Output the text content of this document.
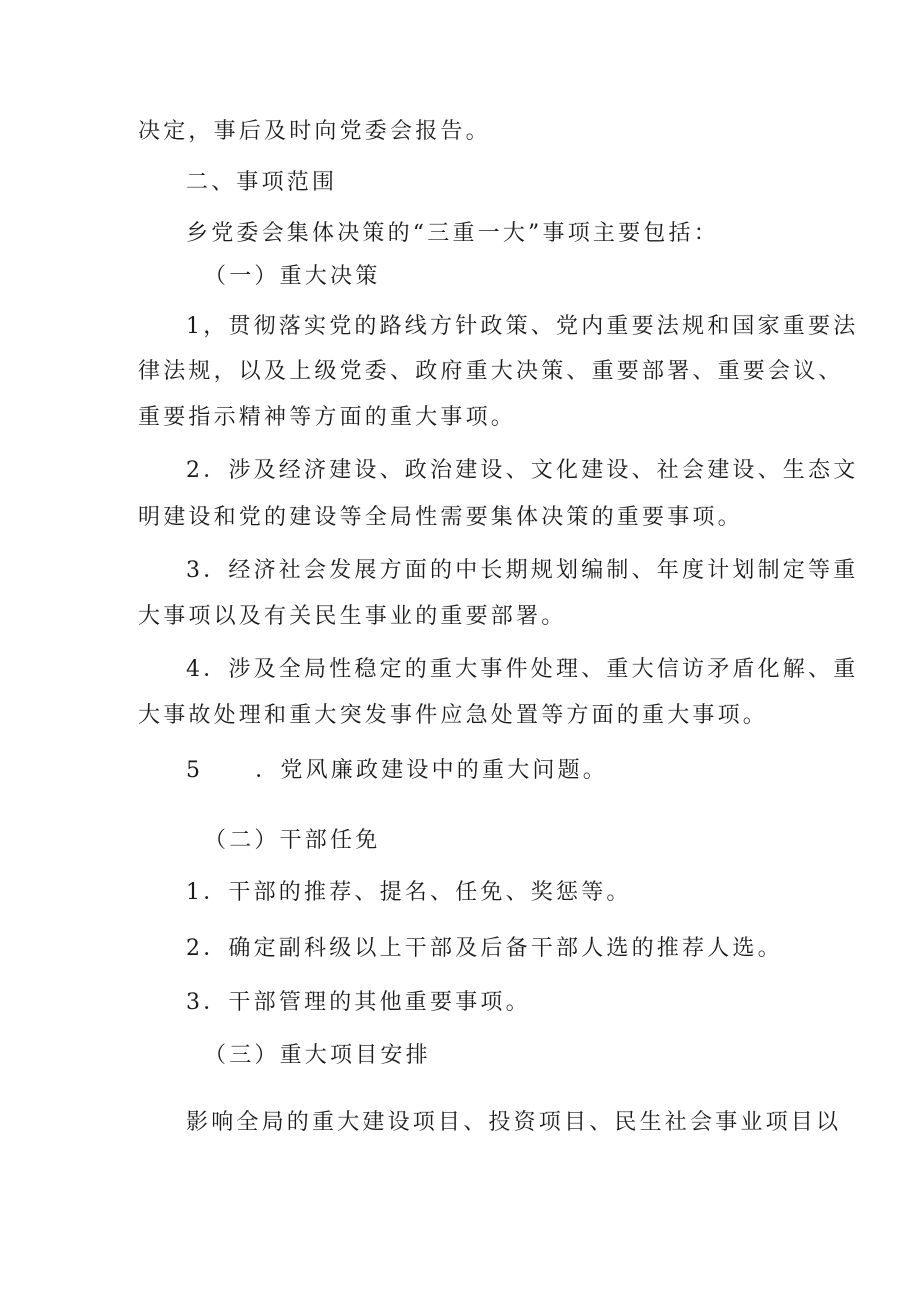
决定，事后及时向党委会报告。
二、事项范围
乡党委会集体决策的“三重一大”事项主要包括：
（一）重大决策
1，贯彻落实党的路线方针政策、党内重要法规和国家重要法
律法规，以及上级党委、政府重大决策、重要部署、重要会议、
重要指示精神等方面的重大事项。
2．涉及经济建设、政治建设、文化建设、社会建设、生态文
明建设和党的建设等全局性需要集体决策的重要事项。
3．经济社会发展方面的中长期规划编制、年度计划制定等重
大事项以及有关民生事业的重要部署。
4．涉及全局性稳定的重大事件处理、重大信访矛盾化解、重
大事故处理和重大突发事件应急处置等方面的重大事项。
5 ．党风廉政建设中的重大问题。
（二）干部任免
1．干部的推荐、提名、任免、奖惩等。
2．确定副科级以上干部及后备干部人选的推荐人选。
3．干部管理的其他重要事项。
（三）重大项目安排
影响全局的重大建设项目、投资项目、民生社会事业项目以
